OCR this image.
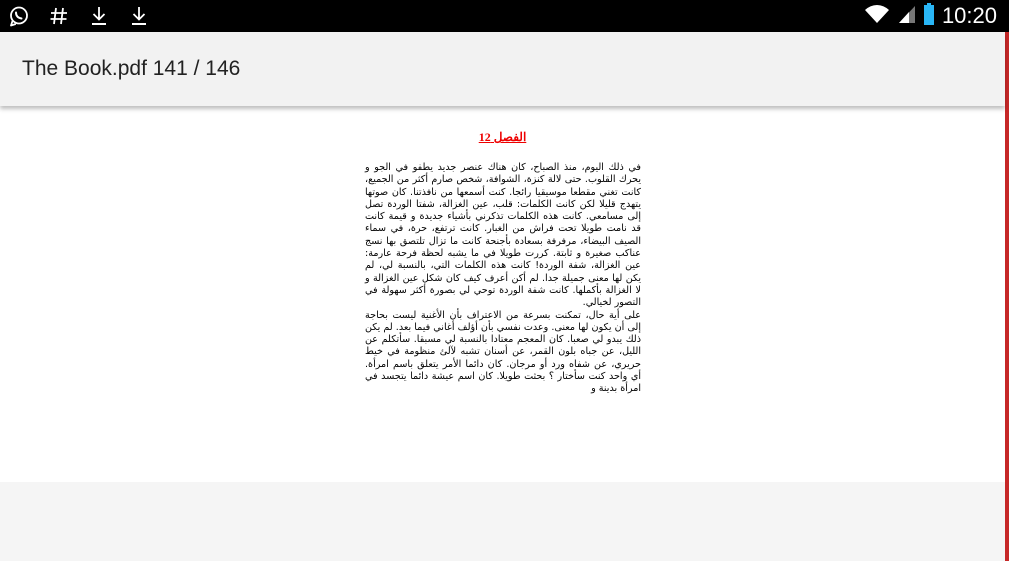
10:20
The Book.pdf 141 / 146
الفصل 12
في ذلك اليوم، منذ الصباح، كان هناك عنصر جديد يطفو في الجو و يحرك القلوب. حتى لالة كنزة، الشوافة، شخص صارم أكثر من الجميع، كانت تغني مقطعا موسيقيا رائجا. كنت أسمعها من نافذتنا. كان صوتها يتهدج قليلا لكن كانت الكلمات: قلب، عين الغزالة، شفتا الوردة تصل إلى مسامعي. كانت هذه الكلمات تذكرني بأشياء جديدة و قيمة كانت قد نامت طويلا تحت فراش من الغبار. كانت ترتفع، حرة، في سماء الصيف البيضاء، مرفرفة بسعادة بأجنحة كانت ما تزال تلتصق بها نسج عناكب صغيرة و ثابتة. كررت طويلا في ما يشبه لحظة فرحة عارمة: عين الغزالة، شفة الوردة! كانت هذه الكلمات التي، بالنسبة لي، لم يكن لها معنى جميلة جدا. لم أكن أعرف كيف كان شكل عين الغزالة و لا الغزالة بأكملها. كانت شفة الوردة توحي لي بصورة أكثر سهولة في التصور لخيالي.
على أية حال، تمكنت بسرعة من الاعتراف بأن الأغنية ليست بحاجة إلى أن يكون لها معنى. وعدت نفسي بأن أؤلف أغاني فيما بعد. لم يكن ذلك يبدو لي صعبا. كان المعجم معتادا بالنسبة لي مسبقا. سأتكلم عن الليل، عن جباه بلون القمر، عن أسنان تشبه لآلئ منظومة في خيط حريري، عن شفاه ورد أو مرجان. كان دائما الأمر يتعلق باسم امرأة. أي واحد كنت سأختار ؟ بحثت طويلا. كان اسم عيشة دائما يتجسد في امرأة بدينة و
